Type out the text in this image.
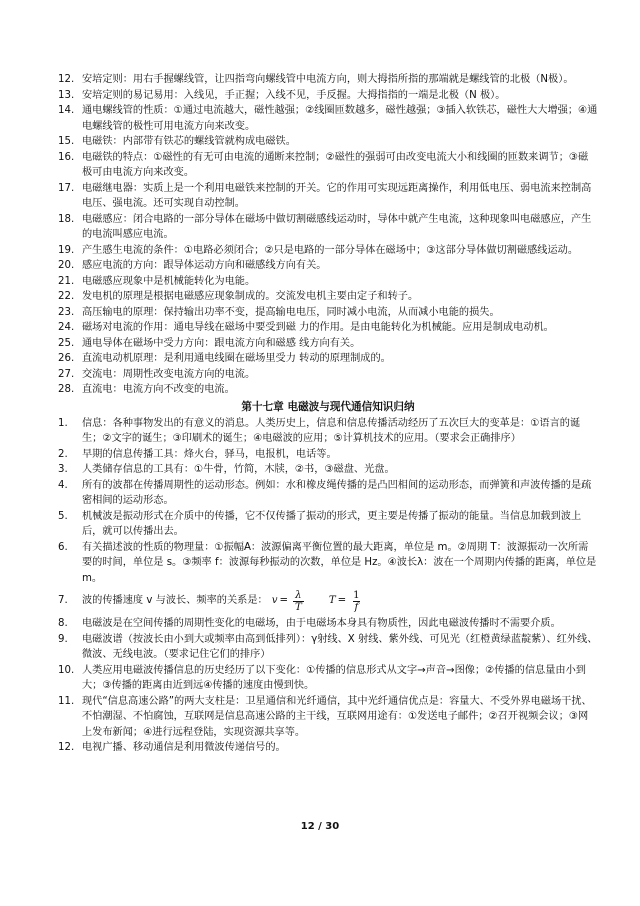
12. 安培定则：用右手握螺线管，让四指弯向螺线管中电流方向，则大拇指所指的那端就是螺线管的北极（N极）。
13. 安培定则的易记易用：入线见，手正握；入线不见，手反握。大拇指指的一端是北极（N 极）。
14. 通电螺线管的性质：①通过电流越大，磁性越强；②线圈匝数越多，磁性越强；③插入软铁芯，磁性大大增强；④通电螺线管的极性可用电流方向来改变。
15. 电磁铁：内部带有铁芯的螺线管就构成电磁铁。
16. 电磁铁的特点：①磁性的有无可由电流的通断来控制；②磁性的强弱可由改变电流大小和线圈的匝数来调节；③磁极可由电流方向来改变。
17. 电磁继电器：实质上是一个利用电磁铁来控制的开关。它的作用可实现远距离操作，利用低电压、弱电流来控制高电压、强电流。还可实现自动控制。
18. 电磁感应：闭合电路的一部分导体在磁场中做切割磁感线运动时，导体中就产生电流，这种现象叫电磁感应，产生的电流叫感应电流。
19. 产生感生电流的条件：①电路必须闭合；②只是电路的一部分导体在磁场中；③这部分导体做切割磁感线运动。
20. 感应电流的方向：跟导体运动方向和磁感线方向有关。
21. 电磁感应现象中是机械能转化为电能。
22. 发电机的原理是根据电磁感应现象制成的。交流发电机主要由定子和转子。
23. 高压输电的原理：保持输出功率不变，提高输电电压，同时减小电流，从而减小电能的损失。
24. 磁场对电流的作用：通电导线在磁场中要受到磁 力的作用。是由电能转化为机械能。应用是制成电动机。
25. 通电导体在磁场中受力方向：跟电流方向和磁感 线方向有关。
26. 直流电动机原理：是利用通电线圈在磁场里受力 转动的原理制成的。
27. 交流电：周期性改变电流方向的电流。
28. 直流电：电流方向不改变的电流。
第十七章 电磁波与现代通信知识归纳
1.	信息：各种事物发出的有意义的消息。人类历史上，信息和信息传播活动经历了五次巨大的变革是：①语言的诞生；②文字的诞生；③印刷术的诞生；④电磁波的应用；⑤计算机技术的应用。（要求会正确排序）
2.	早期的信息传播工具：烽火台，驿马，电报机，电话等。
3.	人类储存信息的工具有：①牛骨，竹简，木牍，②书，③磁盘、光盘。
4.	所有的波都在传播周期性的运动形态。例如：水和橡皮绳传播的是凸凹相间的运动形态，而弹簧和声波传播的是疏密相间的运动形态。
5.	机械波是振动形式在介质中的传播，它不仅传播了振动的形式，更主要是传播了振动的能量。当信息加载到波上后，就可以传播出去。
6.	有关描述波的性质的物理量：①振幅A：波源偏离平衡位置的最大距离，单位是 m。②周期 T：波源振动一次所需要的时间，单位是 s。③频率 f：波源每秒振动的次数，单位是 Hz。④波长λ：波在一个周期内传播的距离，单位是 m。
7.	波的传播速度 v 与波长、频率的关系是： $v = \frac{\lambda}{T}$ $T = \frac{1}{f}$
8.	电磁波是在空间传播的周期性变化的电磁场，由于电磁场本身具有物质性，因此电磁波传播时不需要介质。
9.	电磁波谱（按波长由小到大或频率由高到低排列）：γ射线、X 射线、紫外线、可见光（红橙黄绿蓝靛紫）、红外线、微波、无线电波。（要求记住它们的排序）
10. 人类应用电磁波传播信息的历史经历了以下变化：①传播的信息形式从文字→声音→图像；②传播的信息量由小到大；③传播的距离由近到远④传播的速度由慢到快。
11. 现代“信息高速公路”的两大支柱是：卫星通信和光纤通信，其中光纤通信优点是：容量大、不受外界电磁场干扰、不怕潮湿、不怕腐蚀，互联网是信息高速公路的主干线，互联网用途有：①发送电子邮件；②召开视频会议；③网上发布新闻；④进行远程登陆，实现资源共享等。
12. 电视广播、移动通信是利用微波传递信号的。
12 / 30
